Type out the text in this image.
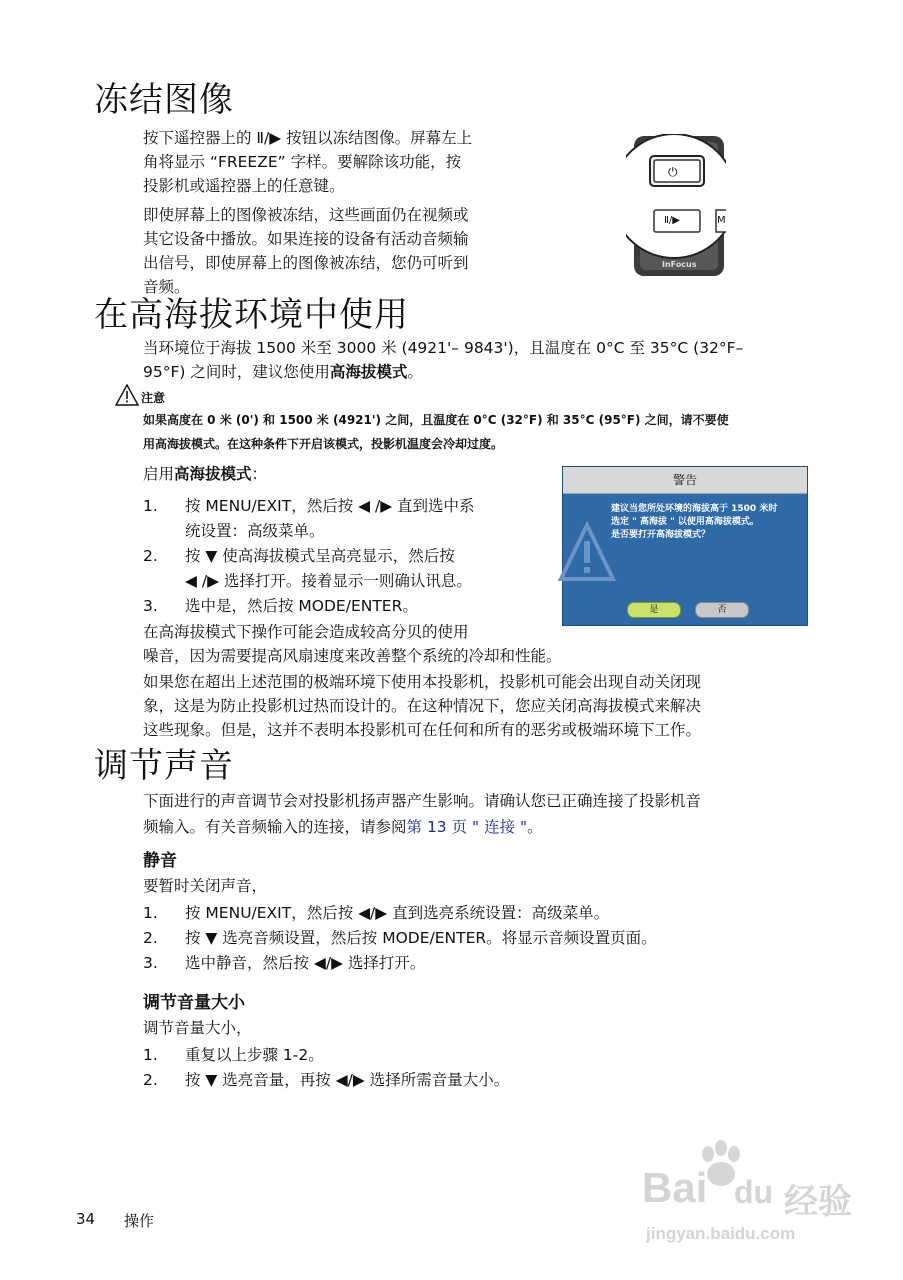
冻结图像

按下遥控器上的 Ⅱ/▶ 按钮以冻结图像。屏幕左上

角将显示 “FREEZE” 字样。要解除该功能，按

投影机或遥控器上的任意键。

即使屏幕上的图像被冻结，这些画面仍在视频或

其它设备中播放。如果连接的设备有活动音频输

出信号，即使屏幕上的图像被冻结，您仍可听到

音频。

⏻
Ⅱ/▶	M
InFocus
在高海拔环境中使用

当环境位于海拔 1500 米至 3000 米 (4921'– 9843')，且温度在 0°C 至 35°C (32°F–

95°F) 之间时，建议您使用高海拔模式。

注意

如果高度在 0 米 (0') 和 1500 米 (4921') 之间，且温度在 0°C (32°F) 和 35°C (95°F) 之间，请不要使

用高海拔模式。在这种条件下开启该模式，投影机温度会冷却过度。

启用高海拔模式：
1. 按 MENU/EXIT，然后按 ◀ /▶ 直到选中系
统设置：高级菜单。
2. 按 ▼ 使高海拔模式呈高亮显示，然后按
◀ /▶ 选择打开。接着显示一则确认讯息。
3. 选中是，然后按 MODE/ENTER。

在高海拔模式下操作可能会造成较高分贝的使用

噪音，因为需要提高风扇速度来改善整个系统的冷却和性能。

如果您在超出上述范围的极端环境下使用本投影机，投影机可能会出现自动关闭现

象，这是为防止投影机过热而设计的。在这种情况下，您应关闭高海拔模式来解决

这些现象。但是，这并不表明本投影机可在任何和所有的恶劣或极端环境下工作。

警告

建议当您所处环境的海拔高于 1500 米时

选定 " 高海拔 " 以使用高海拔模式。

是否要打开高海拔模式？

是	否
调节声音

下面进行的声音调节会对投影机扬声器产生影响。请确认您已正确连接了投影机音

频输入。有关音频输入的连接，请参阅第 13 页 " 连接 "。

静音
要暂时关闭声音，
1. 按 MENU/EXIT，然后按 ◀/▶ 直到选亮系统设置：高级菜单。
2. 按 ▼ 选亮音频设置，然后按 MODE/ENTER。将显示音频设置页面。
3. 选中静音，然后按 ◀/▶ 选择打开。
调节音量大小
调节音量大小，
1. 重复以上步骤 1-2。
2. 按 ▼ 选亮音量，再按 ◀/▶ 选择所需音量大小。
34 操作
Bai du 经验
jingyan.baidu.com
